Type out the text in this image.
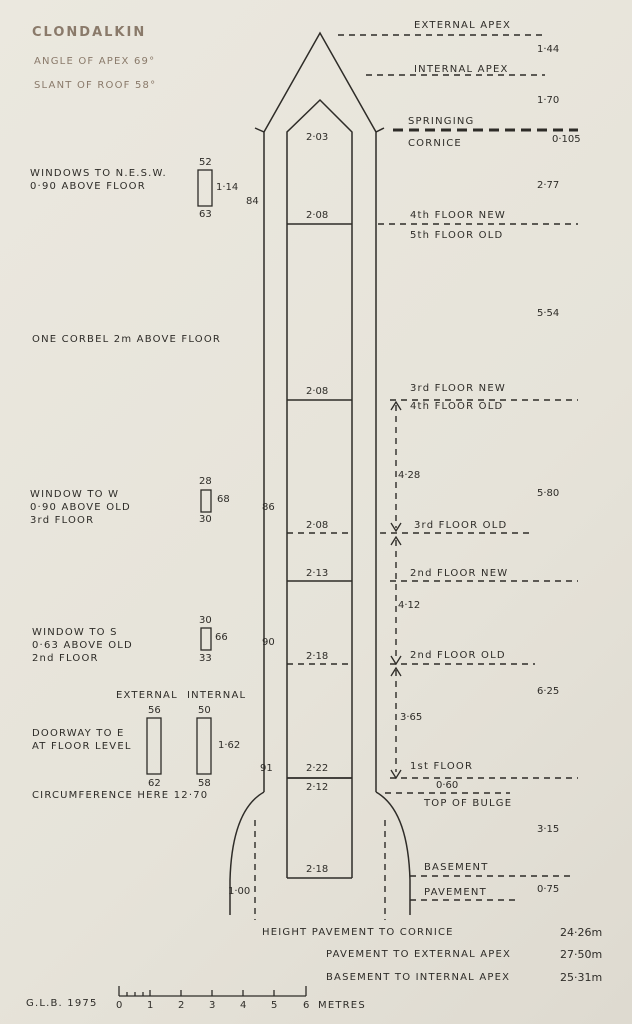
CLONDALKIN
ANGLE OF APEX 69°
SLANT OF ROOF 58°
EXTERNAL APEX
INTERNAL APEX
SPRINGING
CORNICE
4th FLOOR NEW
5th FLOOR OLD
3rd FLOOR NEW
4th FLOOR OLD
3rd FLOOR OLD
2nd FLOOR NEW
2nd FLOOR OLD
1st FLOOR
TOP OF BULGE
BASEMENT
PAVEMENT
1·44
1·70
0·105
2·77
5·54
5·80
6·25
3·15
0·75
2·03
2·08
2·08
2·08
2·13
2·18
2·22
2·12
2·18
84
86
90
91
4·28
4·12
3·65
0·60
1·00
WINDOWS TO N.E.S.W.
0·90 ABOVE FLOOR
52
1·14
63
ONE CORBEL 2m ABOVE FLOOR
WINDOW TO W
0·90 ABOVE OLD
3rd FLOOR
28
68
30
WINDOW TO S
0·63 ABOVE OLD
2nd FLOOR
30
66
33
EXTERNAL INTERNAL
DOORWAY TO E
AT FLOOR LEVEL
56
62
50
58
1·62
CIRCUMFERENCE HERE 12·70
HEIGHT PAVEMENT TO CORNICE	24·26m
PAVEMENT TO EXTERNAL APEX	27·50m
BASEMENT TO INTERNAL APEX	25·31m
G.L.B. 1975 0 1 2 3 4 5	6 METRES
